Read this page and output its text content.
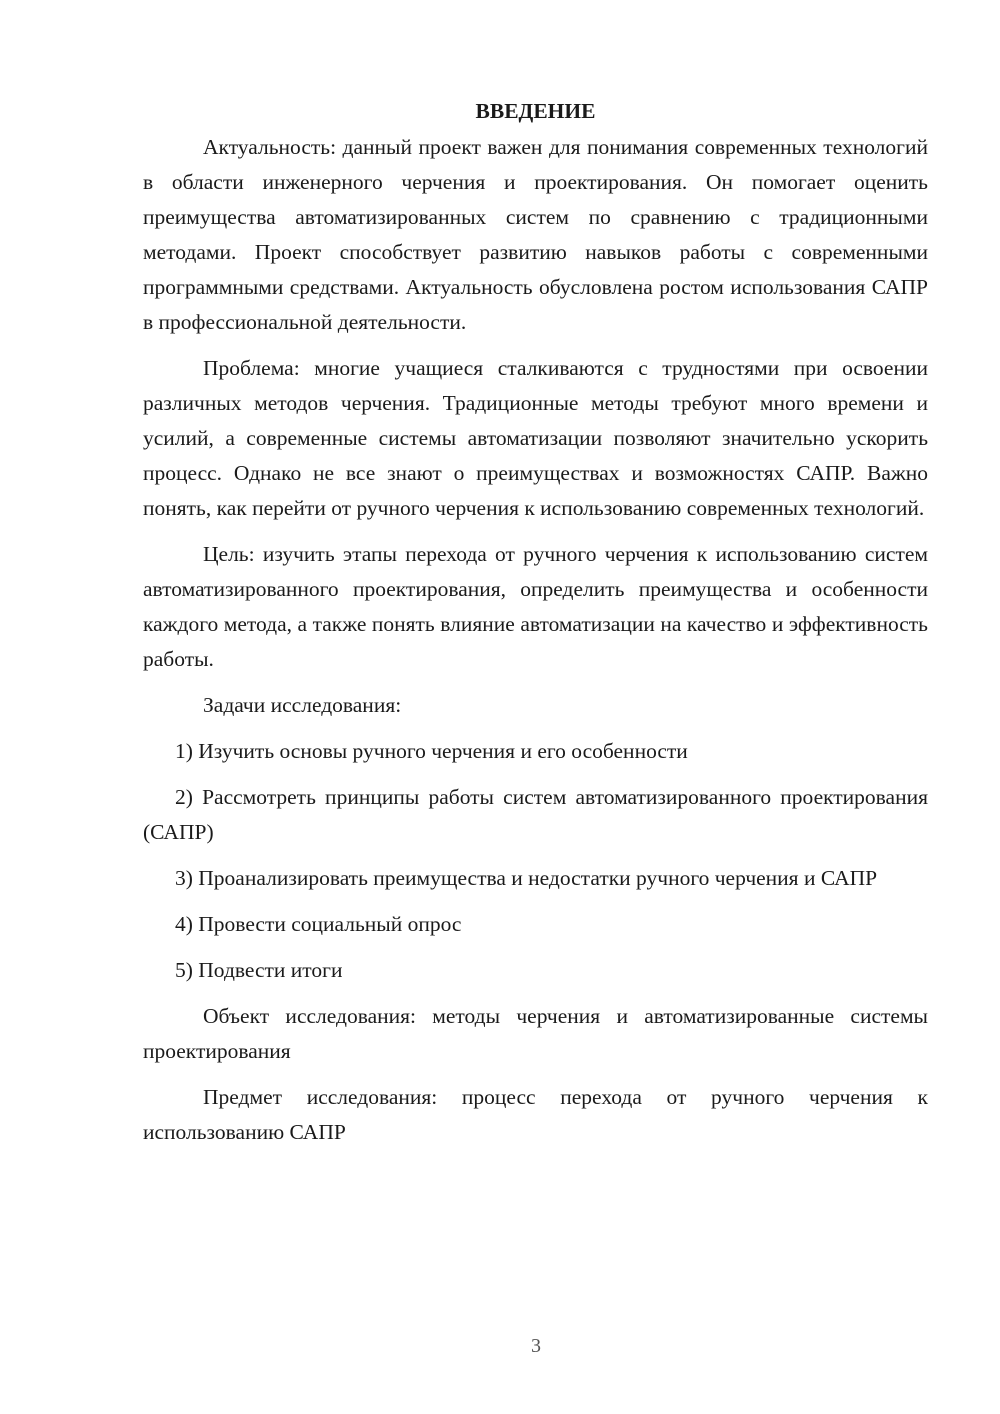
ВВЕДЕНИЕ

Актуальность: данный проект важен для понимания современных технологий в области инженерного черчения и проектирования. Он помогает оценить преимущества автоматизированных систем по сравнению с традиционными методами. Проект способствует развитию навыков работы с современными программными средствами. Актуальность обусловлена ростом использования САПР в профессиональной деятельности.

Проблема: многие учащиеся сталкиваются с трудностями при освоении различных методов черчения. Традиционные методы требуют много времени и усилий, а современные системы автоматизации позволяют значительно ускорить процесс. Однако не все знают о преимуществах и возможностях САПР. Важно понять, как перейти от ручного черчения к использованию современных технологий.

Цель: изучить этапы перехода от ручного черчения к использованию систем автоматизированного проектирования, определить преимущества и особенности каждого метода, а также понять влияние автоматизации на качество и эффективность работы.

Задачи исследования:

1) Изучить основы ручного черчения и его особенности

2) Рассмотреть принципы работы систем автоматизированного проектирования (САПР)

3) Проанализировать преимущества и недостатки ручного черчения и САПР

4) Провести социальный опрос

5) Подвести итоги

Объект исследования: методы черчения и автоматизированные системы проектирования

Предмет исследования: процесс перехода от ручного черчения к использованию САПР

3
